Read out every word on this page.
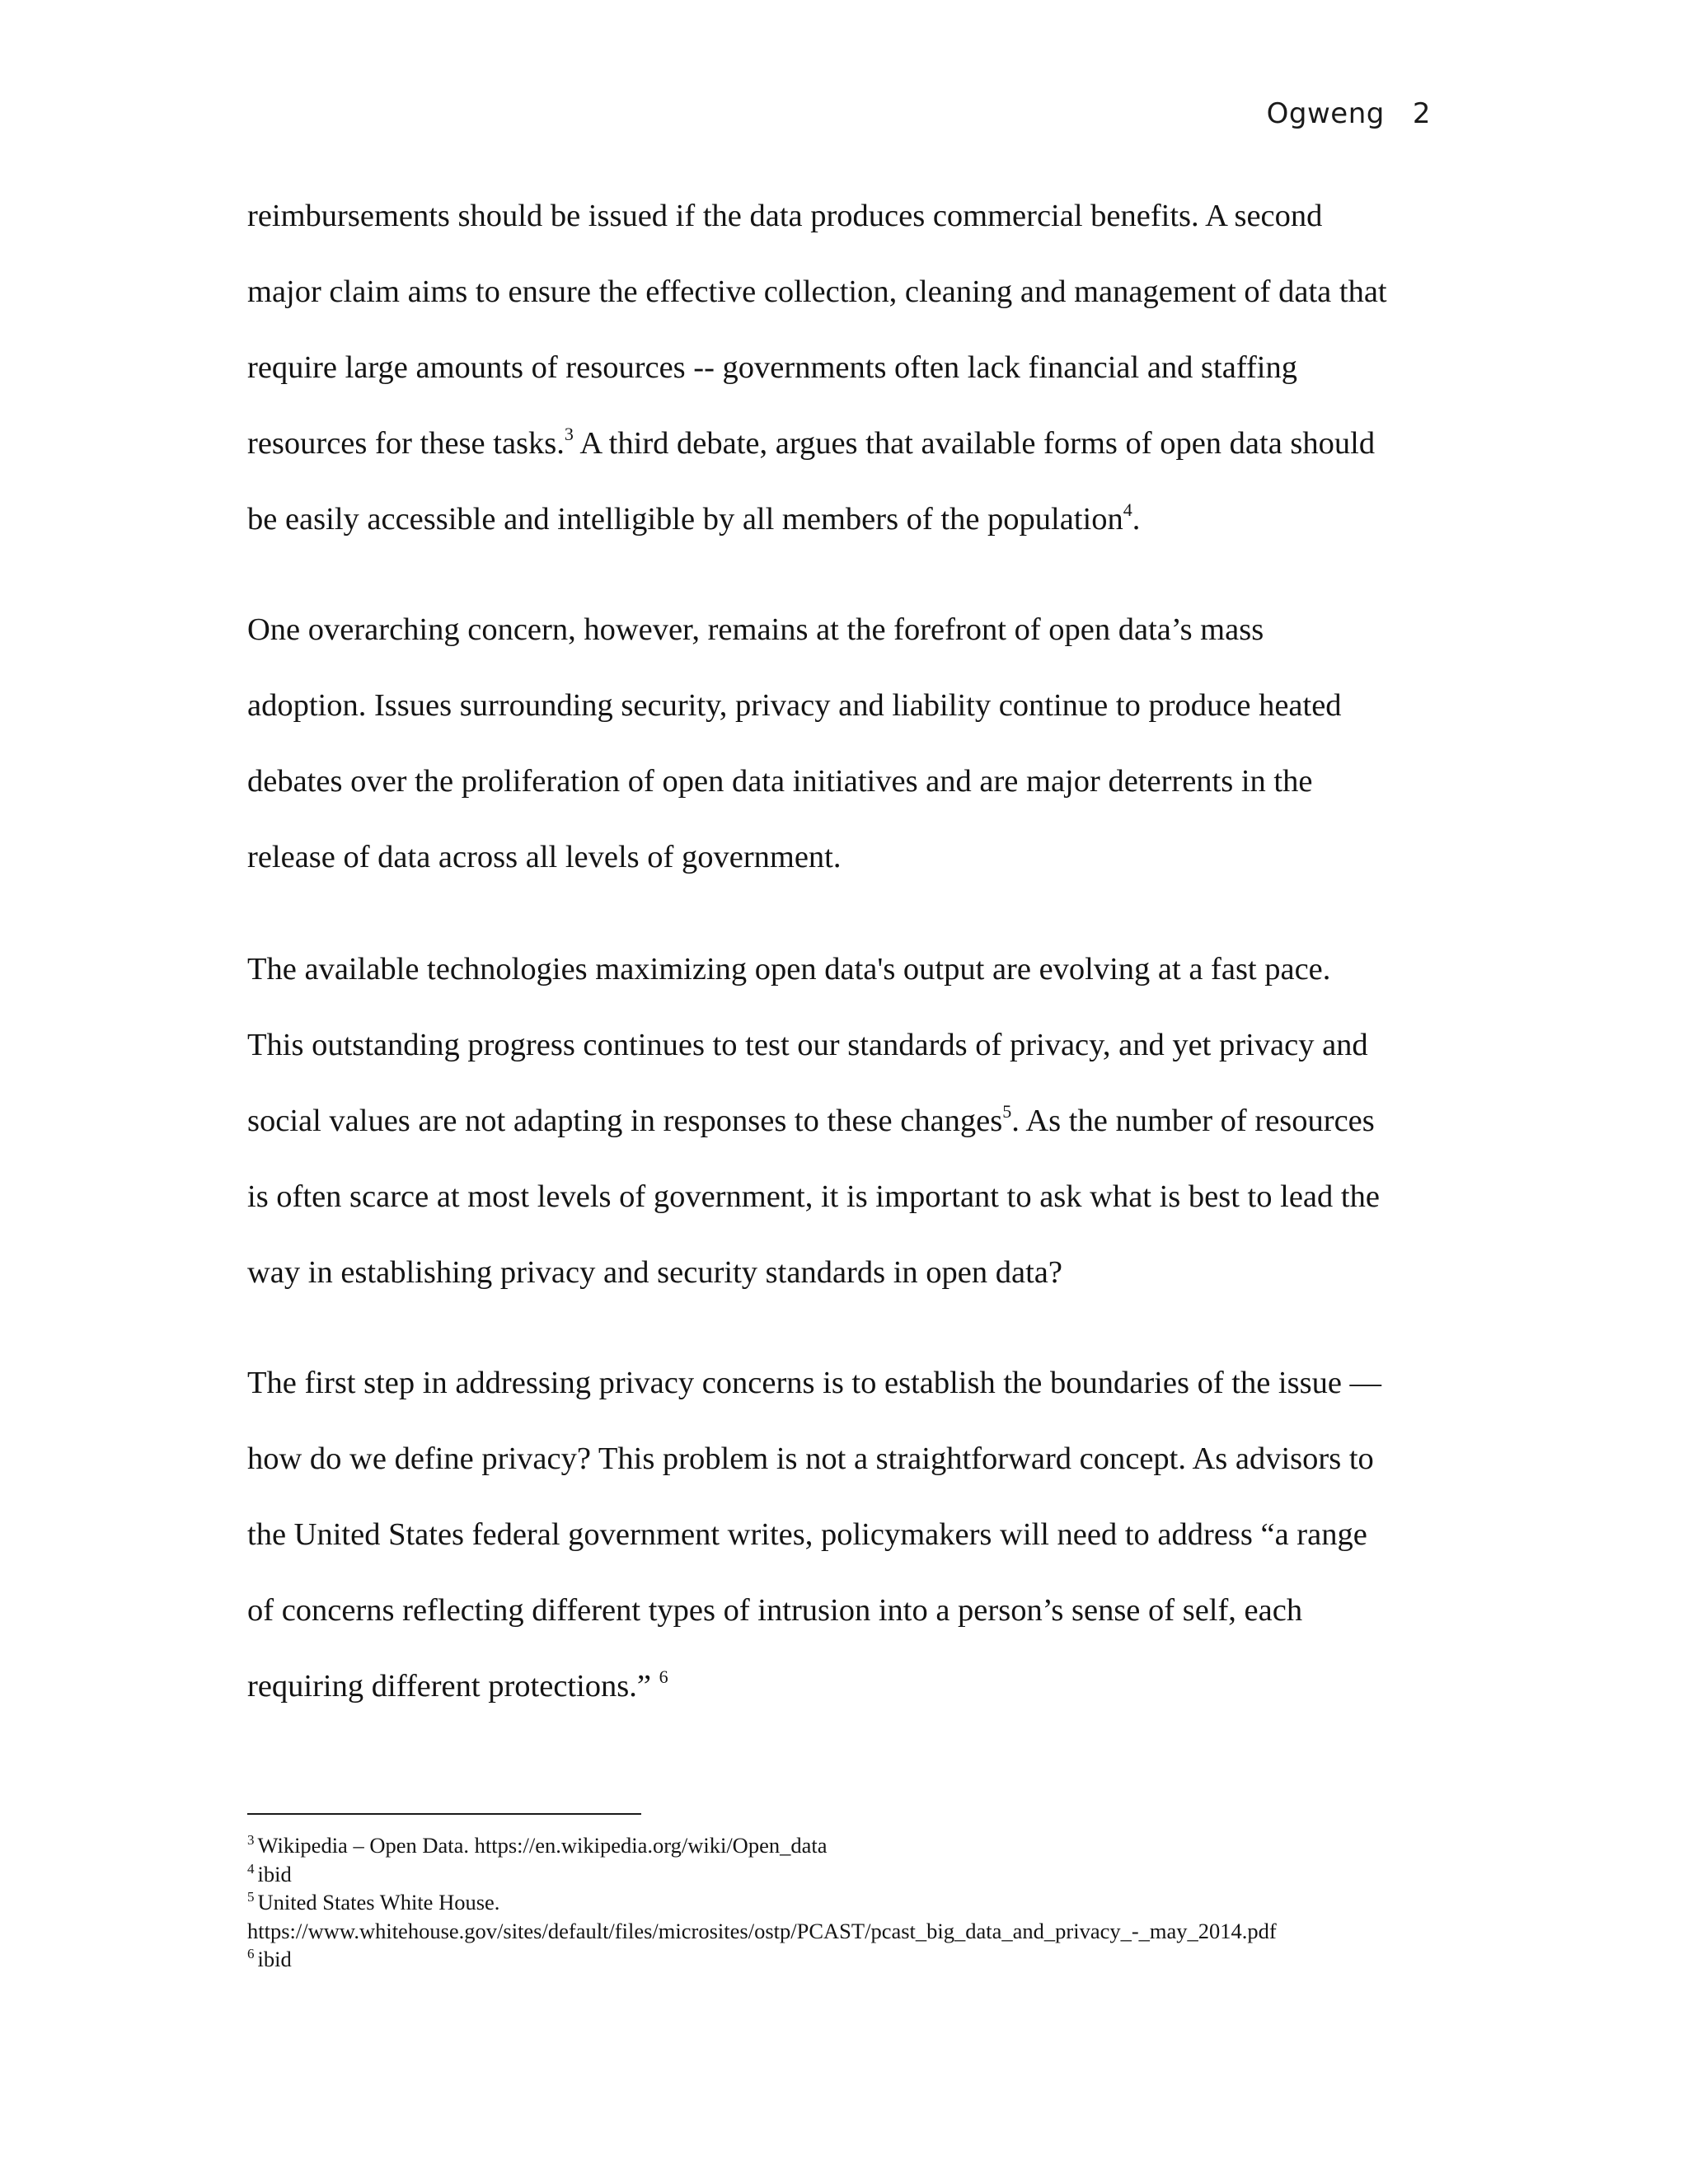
Ogweng 2
reimbursements should be issued if the data produces commercial benefits. A second
major claim aims to ensure the effective collection, cleaning and management of data that
require large amounts of resources -- governments often lack financial and staffing
resources for these tasks.$^3$ A third debate, argues that available forms of open data should
be easily accessible and intelligible by all members of the population$^4$.
One overarching concern, however, remains at the forefront of open data’s mass
adoption. Issues surrounding security, privacy and liability continue to produce heated
debates over the proliferation of open data initiatives and are major deterrents in the
release of data across all levels of government.
The available technologies maximizing open data's output are evolving at a fast pace.
This outstanding progress continues to test our standards of privacy, and yet privacy and
social values are not adapting in responses to these changes$^5$. As the number of resources
is often scarce at most levels of government, it is important to ask what is best to lead the
way in establishing privacy and security standards in open data?
The first step in addressing privacy concerns is to establish the boundaries of the issue —
how do we define privacy? This problem is not a straightforward concept. As advisors to
the United States federal government writes, policymakers will need to address “a range
of concerns reflecting different types of intrusion into a person’s sense of self, each
requiring different protections.” $^6$
$^3$ Wikipedia – Open Data. https://en.wikipedia.org/wiki/Open_data
$^4$ ibid
$^5$ United States White House.
https://www.whitehouse.gov/sites/default/files/microsites/ostp/PCAST/pcast_big_data_and_privacy_-_may_2014.pdf
$^6$ ibid
